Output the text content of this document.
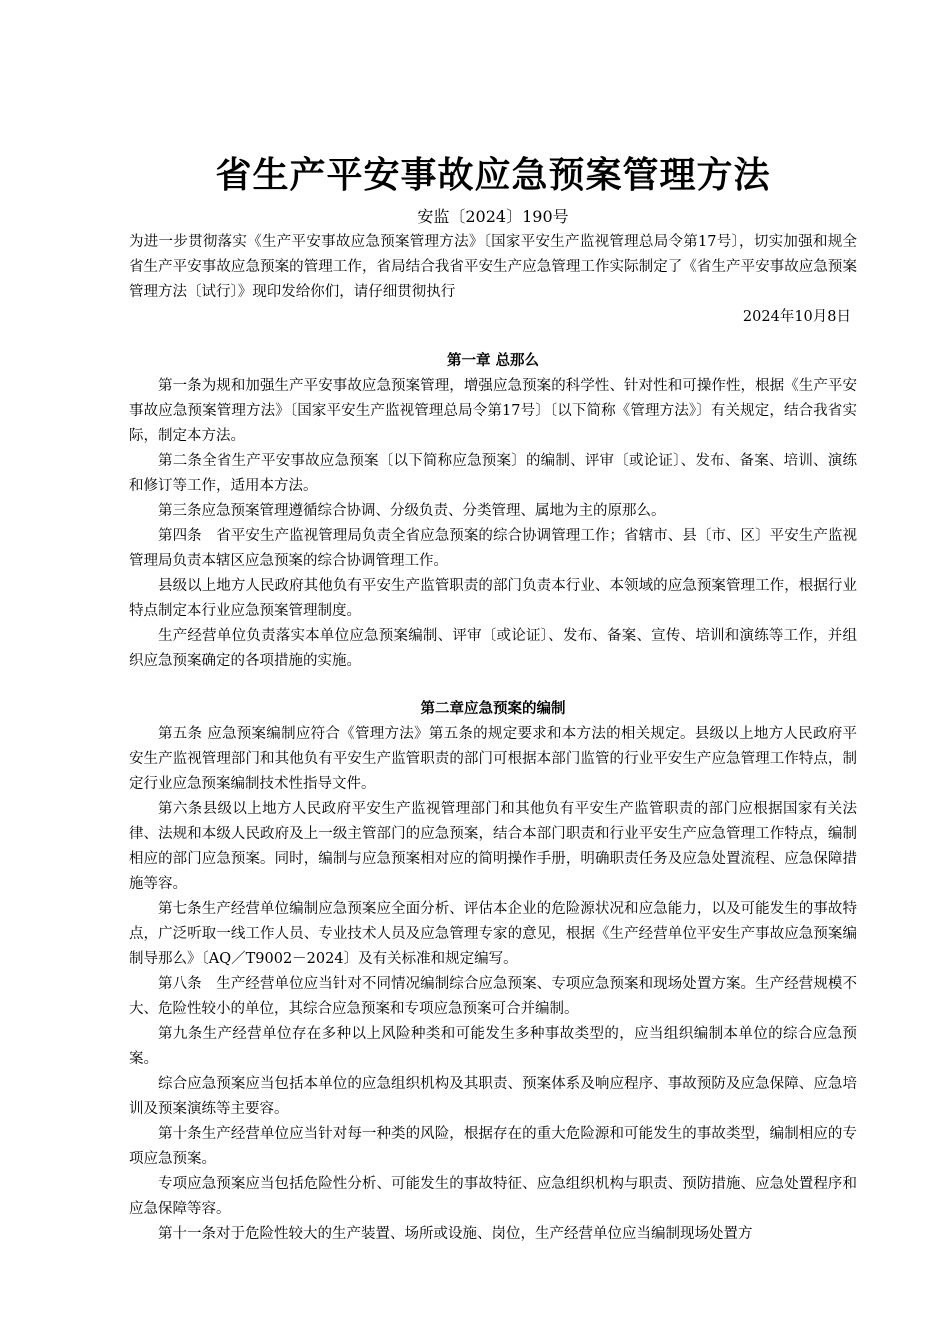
省生产平安事故应急预案管理方法

安监〔2024〕190号

为进一步贯彻落实《生产平安事故应急预案管理方法》〔国家平安生产监视管理总局令第17号〕，切实加强和规全省生产平安事故应急预案的管理工作，省局结合我省平安生产应急管理工作实际制定了《省生产平安事故应急预案管理方法〔试行〕》现印发给你们，请仔细贯彻执行

2024年10月8日

第一章 总那么

第一条为规和加强生产平安事故应急预案管理，增强应急预案的科学性、针对性和可操作性，根据《生产平安事故应急预案管理方法》〔国家平安生产监视管理总局令第17号〕〔以下简称《管理方法》〕有关规定，结合我省实际，制定本方法。

第二条全省生产平安事故应急预案〔以下简称应急预案〕的编制、评审〔或论证〕、发布、备案、培训、演练和修订等工作，适用本方法。

第三条应急预案管理遵循综合协调、分级负责、分类管理、属地为主的原那么。

第四条　省平安生产监视管理局负责全省应急预案的综合协调管理工作；省辖市、县〔市、区〕平安生产监视管理局负责本辖区应急预案的综合协调管理工作。

县级以上地方人民政府其他负有平安生产监管职责的部门负责本行业、本领域的应急预案管理工作，根据行业特点制定本行业应急预案管理制度。

生产经营单位负责落实本单位应急预案编制、评审〔或论证〕、发布、备案、宣传、培训和演练等工作，并组织应急预案确定的各项措施的实施。

第二章应急预案的编制

第五条 应急预案编制应符合《管理方法》第五条的规定要求和本方法的相关规定。县级以上地方人民政府平安生产监视管理部门和其他负有平安生产监管职责的部门可根据本部门监管的行业平安生产应急管理工作特点，制定行业应急预案编制技术性指导文件。

第六条县级以上地方人民政府平安生产监视管理部门和其他负有平安生产监管职责的部门应根据国家有关法律、法规和本级人民政府及上一级主管部门的应急预案，结合本部门职责和行业平安生产应急管理工作特点，编制相应的部门应急预案。同时，编制与应急预案相对应的简明操作手册，明确职责任务及应急处置流程、应急保障措施等容。

第七条生产经营单位编制应急预案应全面分析、评估本企业的危险源状况和应急能力，以及可能发生的事故特点，广泛听取一线工作人员、专业技术人员及应急管理专家的意见，根据《生产经营单位平安生产事故应急预案编制导那么》〔AQ／T9002－2024〕及有关标准和规定编写。

第八条　生产经营单位应当针对不同情况编制综合应急预案、专项应急预案和现场处置方案。生产经营规模不大、危险性较小的单位，其综合应急预案和专项应急预案可合并编制。

第九条生产经营单位存在多种以上风险种类和可能发生多种事故类型的，应当组织编制本单位的综合应急预案。

综合应急预案应当包括本单位的应急组织机构及其职责、预案体系及响应程序、事故预防及应急保障、应急培训及预案演练等主要容。

第十条生产经营单位应当针对每一种类的风险，根据存在的重大危险源和可能发生的事故类型，编制相应的专项应急预案。

专项应急预案应当包括危险性分析、可能发生的事故特征、应急组织机构与职责、预防措施、应急处置程序和应急保障等容。

第十一条对于危险性较大的生产装置、场所或设施、岗位，生产经营单位应当编制现场处置方
